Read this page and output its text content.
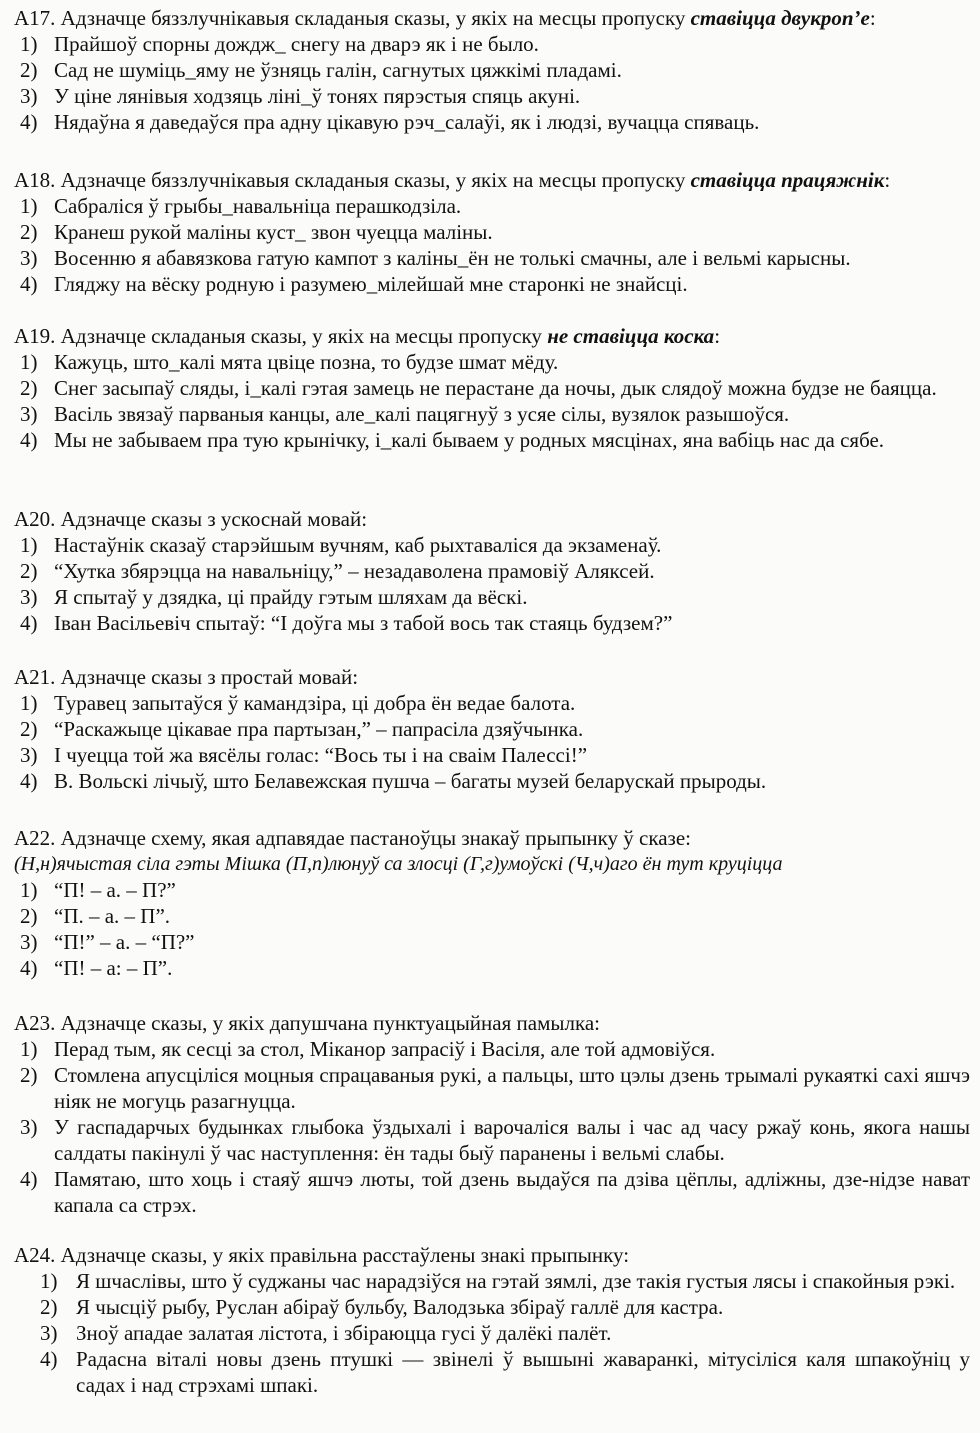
А17. Адзначце бяззлучнікавыя складаныя сказы, у якіх на месцы пропуску ставіцца двукроп’е:
1) Прайшоў спорны дождж_ снегу на дварэ як і не было.
2) Сад не шуміць_яму не ўзняць галін, сагнутых цяжкімі пладамі.
3) У ціне лянівыя ходзяць ліні_ў тонях пярэстыя спяць акуні.
4) Нядаўна я даведаўся пра адну цікавую рэч_салаўі, як і людзі, вучацца спяваць.
А18. Адзначце бяззлучнікавыя складаныя сказы, у якіх на месцы пропуску ставіцца працяжнік:
1) Сабраліся ў грыбы_навальніца перашкодзіла.
2) Кранеш рукой маліны куст_ звон чуецца маліны.
3) Восенню я абавязкова гатую кампот з каліны_ён не толькі смачны, але і вельмі карысны.
4) Гляджу на вёску родную і разумею_мілейшай мне старонкі не знайсці.
А19. Адзначце складаныя сказы, у якіх на месцы пропуску не ставіцца коска:
1) Кажуць, што_калі мята цвіце позна, то будзе шмат мёду.
2) Снег засыпаў сляды, і_калі гэтая замець не перастане да ночы, дык слядоў можна будзе не баяцца.
3) Васіль звязаў парваныя канцы, але_калі пацягнуў з усяе сілы, вузялок разышоўся.
4) Мы не забываем пра тую крынічку, і_калі бываем у родных мясцінах, яна вабіць нас да сябе.
А20. Адзначце сказы з ускоснай мовай:
1) Настаўнік сказаў старэйшым вучням, каб рыхтаваліся да экзаменаў.
2) “Хутка збярэцца на навальніцу,” – незадаволена прамовіў Аляксей.
3) Я спытаў у дзядка, ці прайду гэтым шляхам да вёскі.
4) Іван Васільевіч спытаў: “І доўга мы з табой вось так стаяць будзем?”
А21. Адзначце сказы з простай мовай:
1) Туравец запытаўся ў камандзіра, ці добра ён ведае балота.
2) “Раскажыце цікавае пра партызан,” – папрасіла дзяўчынка.
3) І чуецца той жа вясёлы голас: “Вось ты і на сваім Палессі!”
4) В. Вольскі лічыў, што Белавежская пушча – багаты музей беларускай прыроды.
А22. Адзначце схему, якая адпавядае пастаноўцы знакаў прыпынку ў сказе:
(Н,н)ячыстая сіла гэты Мішка (П,п)люнуў са злосці (Г,г)умоўскі (Ч,ч)аго ён тут круціцца
1) “П! – а. – П?”
2) “П. – а. – П”.
3) “П!” – а. – “П?”
4) “П! – а: – П”.
А23. Адзначце сказы, у якіх дапушчана пунктуацыйная памылка:
1) Перад тым, як сесці за стол, Міканор запрасіў і Васіля, але той адмовіўся.
2) Стомлена апусціліся моцныя спрацаваныя рукі, а пальцы, што цэлы дзень трымалі рукаяткі сахі яшчэ ніяк не могуць разагнуцца.
3) У гаспадарчых будынках глыбока ўздыхалі і варочаліся валы і час ад часу ржаў конь, якога нашы салдаты пакінулі ў час наступлення: ён тады быў паранены і вельмі слабы.
4) Памятаю, што хоць і стаяў яшчэ люты, той дзень выдаўся па дзіва цёплы, адліжны, дзе-нідзе нават капала са стрэх.
А24. Адзначце сказы, у якіх правільна расстаўлены знакі прыпынку:
1) Я шчаслівы, што ў суджаны час нарадзіўся на гэтай зямлі, дзе такія густыя лясы і спакойныя рэкі.
2) Я чысціў рыбу, Руслан абіраў бульбу, Валодзька збіраў галлё для кастра.
3) Зноў ападае залатая лістота, і збіраюцца гусі ў далёкі палёт.
4) Радасна віталі новы дзень птушкі — звінелі ў вышыні жаваранкі, мітусіліся каля шпакоўніц у садах і над стрэхамі шпакі.
